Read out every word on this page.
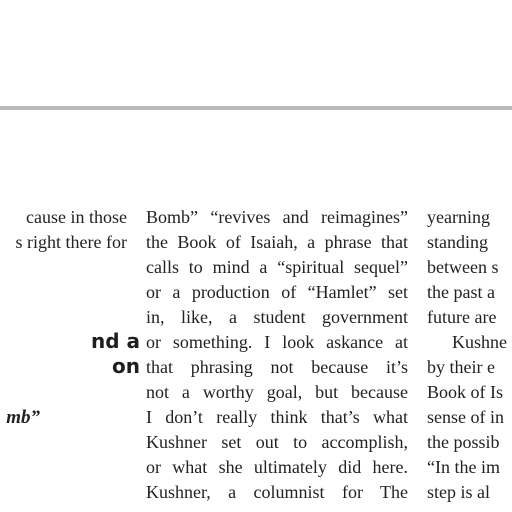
cause in those
s right there for
nd a
on
mb”
Bomb” “revives and reimagines”
the Book of Isaiah, a phrase that
calls to mind a “spiritual sequel”
or a production of “Hamlet” set
in, like, a student government
or something. I look askance at
that phrasing not because it’s
not a worthy goal, but because
I don’t really think that’s what
Kushner set out to accomplish,
or what she ultimately did here.
Kushner, a columnist for The
yearning
standing
between s
the past a
future are
Kushne
by their e
Book of Is
sense of in
the possib
“In the im
step is al
